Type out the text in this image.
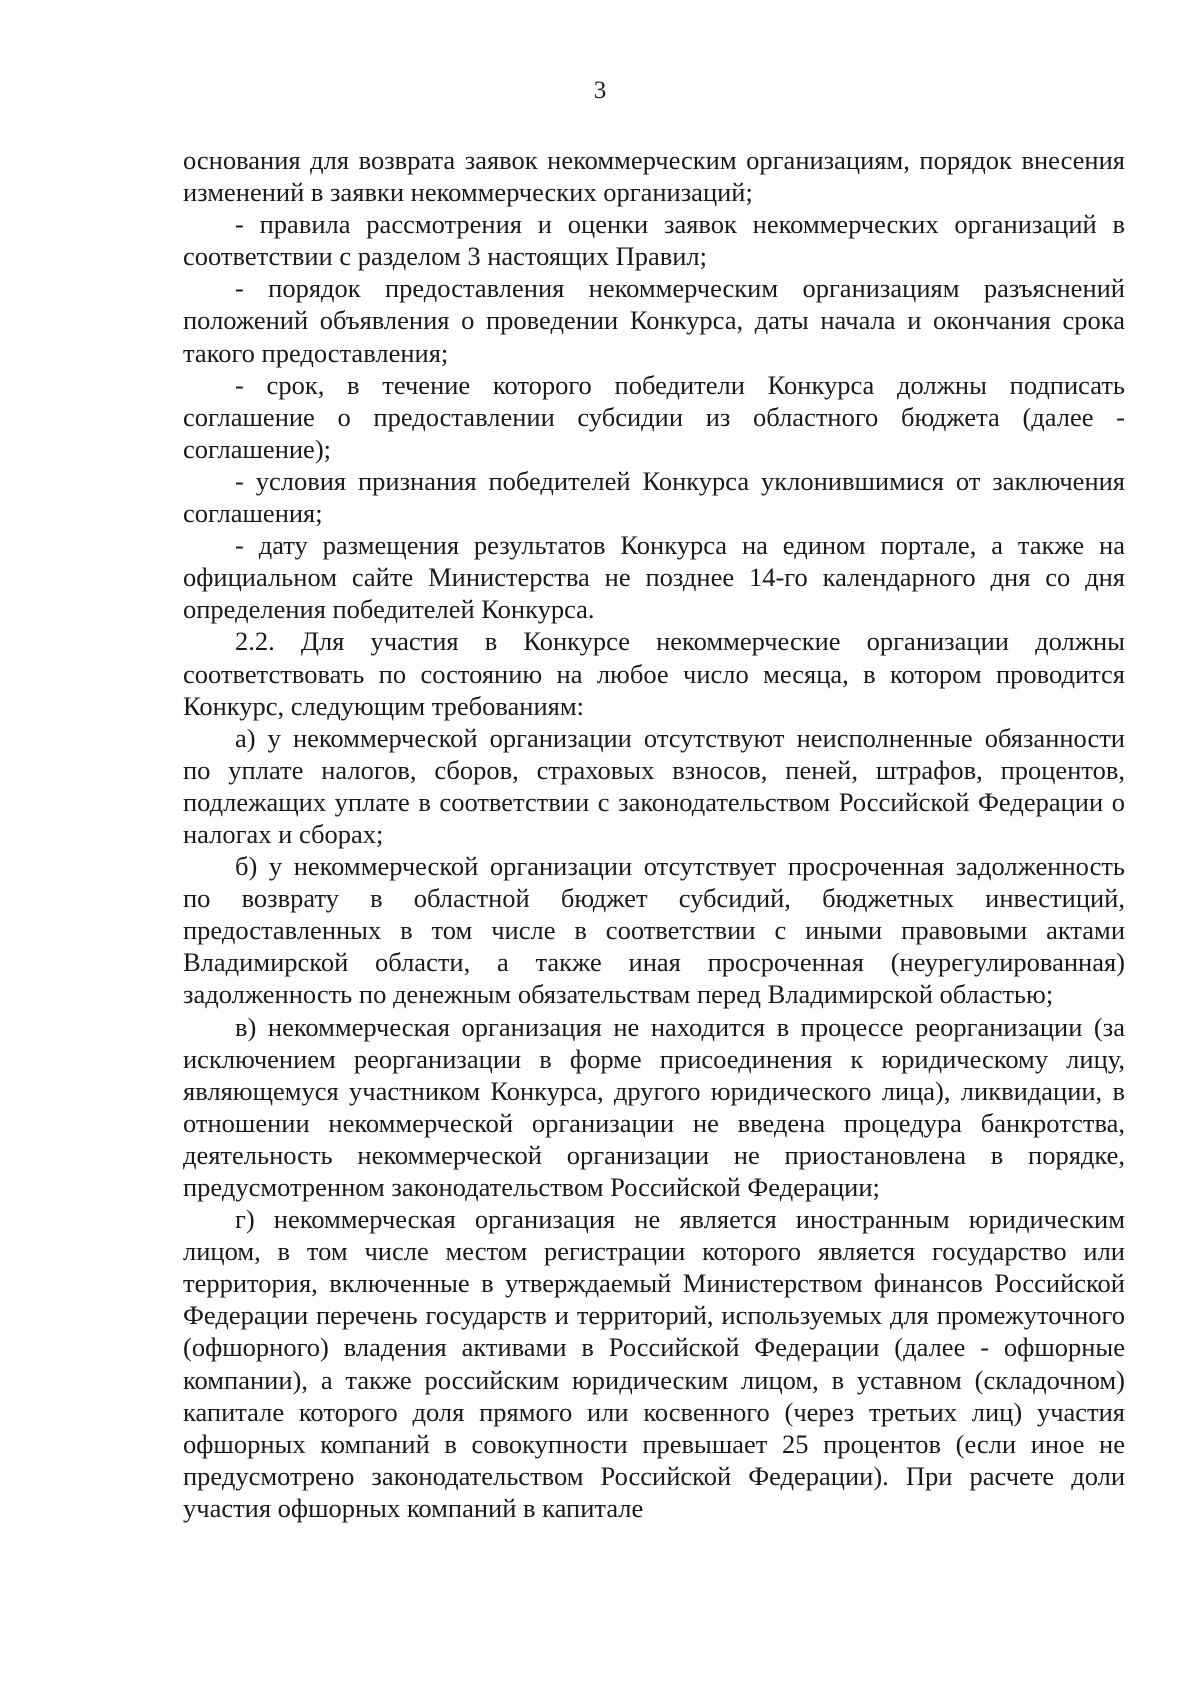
3

основания для возврата заявок некоммерческим организациям, порядок внесения изменений в заявки некоммерческих организаций;

- правила рассмотрения и оценки заявок некоммерческих организаций в соответствии с разделом 3 настоящих Правил;

- порядок предоставления некоммерческим организациям разъяснений положений объявления о проведении Конкурса, даты начала и окончания срока такого предоставления;

- срок, в течение которого победители Конкурса должны подписать соглашение о предоставлении субсидии из областного бюджета (далее - соглашение);

- условия признания победителей Конкурса уклонившимися от заключения соглашения;

- дату размещения результатов Конкурса на едином портале, а также на официальном сайте Министерства не позднее 14-го календарного дня со дня определения победителей Конкурса.

2.2. Для участия в Конкурсе некоммерческие организации должны соответствовать по состоянию на любое число месяца, в котором проводится Конкурс, следующим требованиям:

а) у некоммерческой организации отсутствуют неисполненные обязанности по уплате налогов, сборов, страховых взносов, пеней, штрафов, процентов, подлежащих уплате в соответствии с законодательством Российской Федерации о налогах и сборах;

б) у некоммерческой организации отсутствует просроченная задолженность по возврату в областной бюджет субсидий, бюджетных инвестиций, предоставленных в том числе в соответствии с иными правовыми актами Владимирской области, а также иная просроченная (неурегулированная) задолженность по денежным обязательствам перед Владимирской областью;

в) некоммерческая организация не находится в процессе реорганизации (за исключением реорганизации в форме присоединения к юридическому лицу, являющемуся участником Конкурса, другого юридического лица), ликвидации, в отношении некоммерческой организации не введена процедура банкротства, деятельность некоммерческой организации не приостановлена в порядке, предусмотренном законодательством Российской Федерации;

г) некоммерческая организация не является иностранным юридическим лицом, в том числе местом регистрации которого является государство или территория, включенные в утверждаемый Министерством финансов Российской Федерации перечень государств и территорий, используемых для промежуточного (офшорного) владения активами в Российской Федерации (далее - офшорные компании), а также российским юридическим лицом, в уставном (складочном) капитале которого доля прямого или косвенного (через третьих лиц) участия офшорных компаний в совокупности превышает 25 процентов (если иное не предусмотрено законодательством Российской Федерации). При расчете доли участия офшорных компаний в капитале
